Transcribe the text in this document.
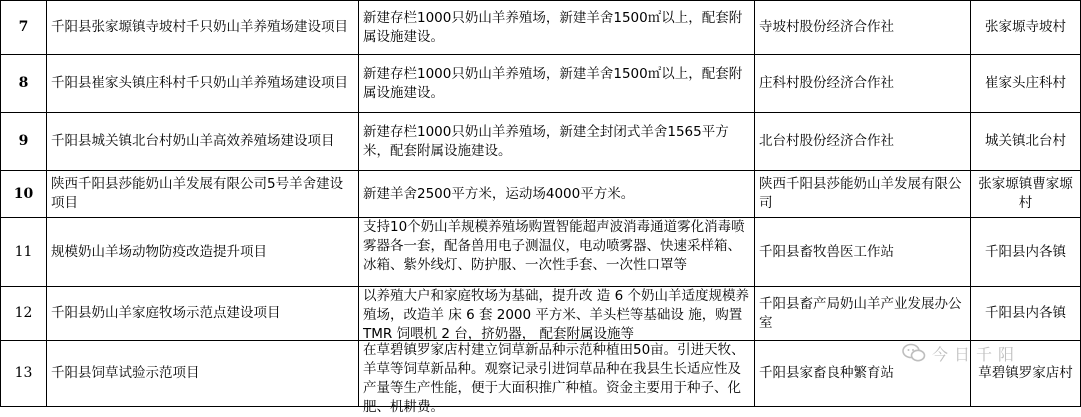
7	千阳县张家塬镇寺坡村千只奶山羊养殖场建设项目	新建存栏1000只奶山羊养殖场，新建羊舍1500㎡以上，配套附属设施建设。	寺坡村股份经济合作社	张家塬寺坡村
8	千阳县崔家头镇庄科村千只奶山羊养殖场建设项目	新建存栏1000只奶山羊养殖场，新建羊舍1500㎡以上，配套附属设施建设。	庄科村股份经济合作社	崔家头庄科村
9	千阳县城关镇北台村奶山羊高效养殖场建设项目	新建存栏1000只奶山羊养殖场，新建全封闭式羊舍1565平方米，配套附属设施建设。	北台村股份经济合作社	城关镇北台村
10	陕西千阳县莎能奶山羊发展有限公司5号羊舍建设项目	新建羊舍2500平方米，运动场4000平方米。	陕西千阳县莎能奶山羊发展有限公司	张家塬镇曹家塬村
11	规模奶山羊场动物防疫改造提升项目	支持10个奶山羊规模养殖场购置智能超声波消毒通道雾化消毒喷雾器各一套，配备兽用电子测温仪，电动喷雾器、快速采样箱、冰箱、紫外线灯、防护服、一次性手套、一次性口罩等	千阳县畜牧兽医工作站	千阳县内各镇
12	千阳县奶山羊家庭牧场示范点建设项目	以养殖大户和家庭牧场为基础，提升改 造 6 个奶山羊适度规模养殖场，改造羊 床 6 套 2000 平方米、羊头栏等基础设 施，购置 TMR 饲喂机 2 台，挤奶器， 配套附属设施等	千阳县畜产局奶山羊产业发展办公室	千阳县内各镇
13	千阳县饲草试验示范项目	在草碧镇罗家店村建立饲草新品种示范种植田50亩。引进天牧、羊草等饲草新品种。观察记录引进饲草品种在我县生长适应性及产量等生产性能，便于大面积推广种植。资金主要用于种子、化肥、机耕费。	千阳县家畜良种繁育站	草碧镇罗家店村
今日千阳
